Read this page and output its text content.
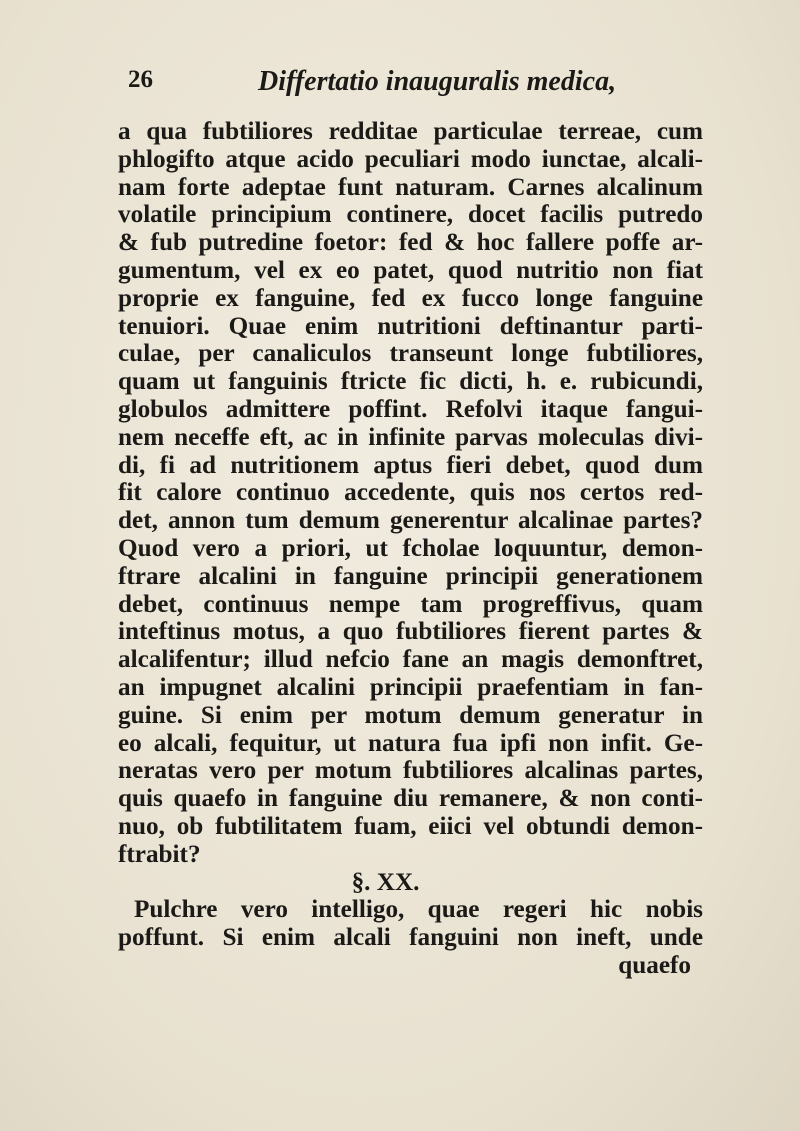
26	Differtatio inauguralis medica,
a qua fubtiliores redditae particulae terreae, cum
phlogifto atque acido peculiari modo iunctae, alcali-
nam forte adeptae funt naturam. Carnes alcalinum
volatile principium continere, docet facilis putredo
& fub putredine foetor: fed & hoc fallere poffe ar-
gumentum, vel ex eo patet, quod nutritio non fiat
proprie ex fanguine, fed ex fucco longe fanguine
tenuiori. Quae enim nutritioni deftinantur parti-
culae, per canaliculos transeunt longe fubtiliores,
quam ut fanguinis ftricte fic dicti, h. e. rubicundi,
globulos admittere poffint. Refolvi itaque fangui-
nem neceffe eft, ac in infinite parvas moleculas divi-
di, fi ad nutritionem aptus fieri debet, quod dum
fit calore continuo accedente, quis nos certos red-
det, annon tum demum generentur alcalinae partes?
Quod vero a priori, ut fcholae loquuntur, demon-
ftrare alcalini in fanguine principii generationem
debet, continuus nempe tam progreffivus, quam
inteftinus motus, a quo fubtiliores fierent partes &
alcalifentur; illud nefcio fane an magis demonftret,
an impugnet alcalini principii praefentiam in fan-
guine. Si enim per motum demum generatur in
eo alcali, fequitur, ut natura fua ipfi non infit. Ge-
neratas vero per motum fubtiliores alcalinas partes,
quis quaefo in fanguine diu remanere, & non conti-
nuo, ob fubtilitatem fuam, eiici vel obtundi demon-
ftrabit?
§. XX.
Pulchre vero intelligo, quae regeri hic nobis
poffunt. Si enim alcali fanguini non ineft, unde
quaefo
